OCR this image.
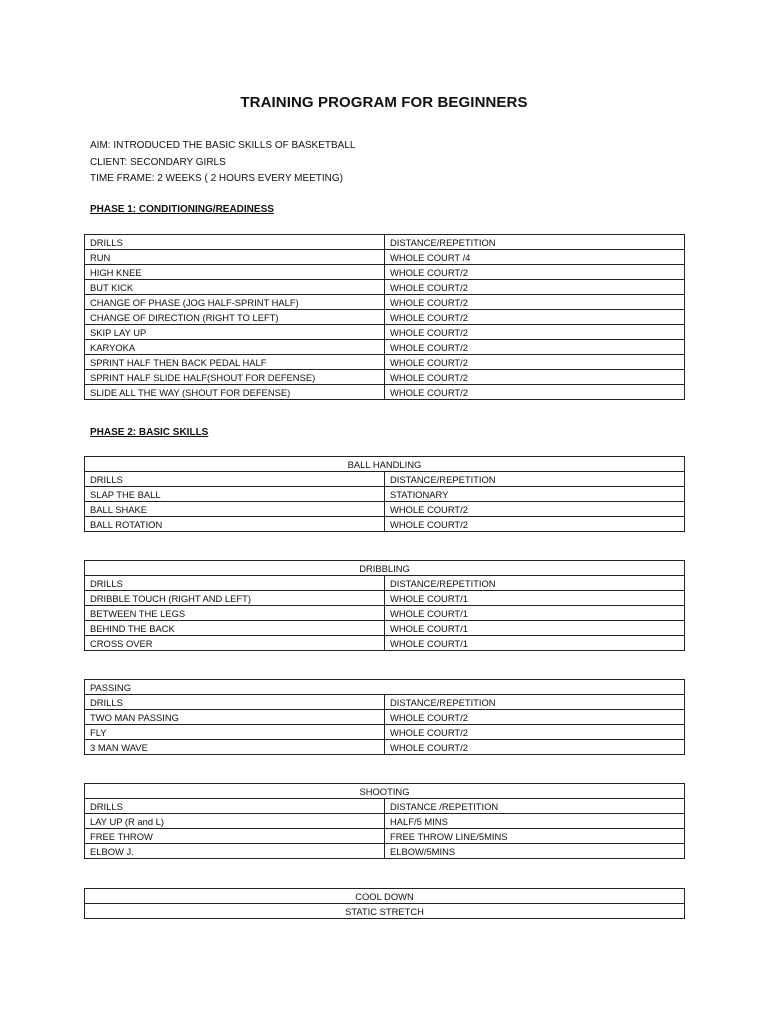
TRAINING PROGRAM FOR BEGINNERS
AIM: INTRODUCED THE BASIC SKILLS OF BASKETBALL
CLIENT: SECONDARY GIRLS
TIME FRAME: 2 WEEKS ( 2 HOURS EVERY MEETING)
PHASE 1: CONDITIONING/READINESS
DRILLS	DISTANCE/REPETITION
RUN	WHOLE COURT /4
HIGH KNEE	WHOLE COURT/2
BUT KICK	WHOLE COURT/2
CHANGE OF PHASE (JOG HALF-SPRINT HALF)	WHOLE COURT/2
CHANGE OF DIRECTION (RIGHT TO LEFT)	WHOLE COURT/2
SKIP LAY UP	WHOLE COURT/2
KARYOKA	WHOLE COURT/2
SPRINT HALF THEN BACK PEDAL HALF	WHOLE COURT/2
SPRINT HALF SLIDE HALF(SHOUT FOR DEFENSE)	WHOLE COURT/2
SLIDE ALL THE WAY (SHOUT FOR DEFENSE)	WHOLE COURT/2
PHASE 2: BASIC SKILLS
BALL HANDLING	
DRILLS	DISTANCE/REPETITION
SLAP THE BALL	STATIONARY
BALL SHAKE	WHOLE COURT/2
BALL ROTATION	WHOLE COURT/2
DRIBBLING	
DRILLS	DISTANCE/REPETITION
DRIBBLE TOUCH (RIGHT AND LEFT)	WHOLE COURT/1
BETWEEN THE LEGS	WHOLE COURT/1
BEHIND THE BACK	WHOLE COURT/1
CROSS OVER	WHOLE COURT/1
PASSING	
DRILLS	DISTANCE/REPETITION
TWO MAN PASSING	WHOLE COURT/2
FLY	WHOLE COURT/2
3 MAN WAVE	WHOLE COURT/2
SHOOTING	
DRILLS	DISTANCE /REPETITION
LAY UP (R and L)	HALF/5 MINS
FREE THROW	FREE THROW LINE/5MINS
ELBOW J.	ELBOW/5MINS
COOL DOWN
STATIC STRETCH
